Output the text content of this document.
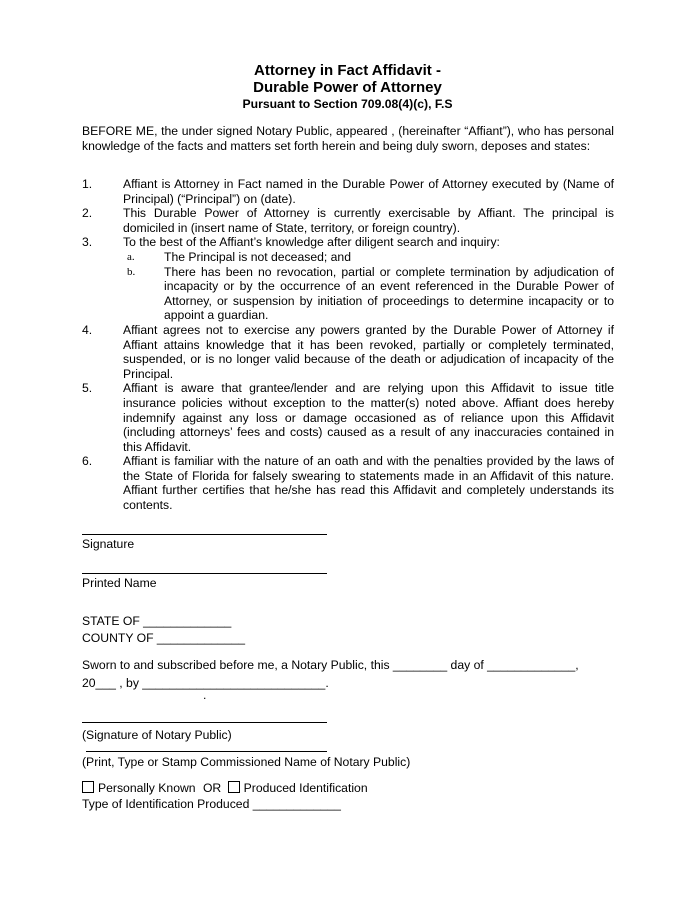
Attorney in Fact Affidavit -
Durable Power of Attorney
Pursuant to Section 709.08(4)(c), F.S
BEFORE ME, the under signed Notary Public, appeared , (hereinafter “Affiant”), who has personal knowledge of the facts and matters set forth herein and being duly sworn, deposes and states:
1.	Affiant is Attorney in Fact named in the Durable Power of Attorney executed by (Name of Principal) (“Principal”) on (date).
2.	This Durable Power of Attorney is currently exercisable by Affiant. The principal is domiciled in (insert name of State, territory, or foreign country).
3.	To the best of the Affiant’s knowledge after diligent search and inquiry:
a. The Principal is not deceased; and
b. There has been no revocation, partial or complete termination by adjudication of incapacity or by the occurrence of an event referenced in the Durable Power of Attorney, or suspension by initiation of proceedings to determine incapacity or to appoint a guardian.
4.	Affiant agrees not to exercise any powers granted by the Durable Power of Attorney if Affiant attains knowledge that it has been revoked, partially or completely terminated, suspended, or is no longer valid because of the death or adjudication of incapacity of the Principal.
5.	Affiant is aware that grantee/lender and are relying upon this Affidavit to issue title insurance policies without exception to the matter(s) noted above. Affiant does hereby indemnify against any loss or damage occasioned as of reliance upon this Affidavit (including attorneys’ fees and costs) caused as a result of any inaccuracies contained in this Affidavit.
6.	Affiant is familiar with the nature of an oath and with the penalties provided by the laws of the State of Florida for falsely swearing to statements made in an Affidavit of this nature. Affiant further certifies that he/she has read this Affidavit and completely understands its contents.
Signature
Printed Name
STATE OF _____________
COUNTY OF _____________
Sworn to and subscribed before me, a Notary Public, this ________ day of _____________,
20___ , by ___________________________.
.
(Signature of Notary Public)
(Print, Type or Stamp Commissioned Name of Notary Public)
Personally Known OR Produced Identification
Type of Identification Produced _____________
